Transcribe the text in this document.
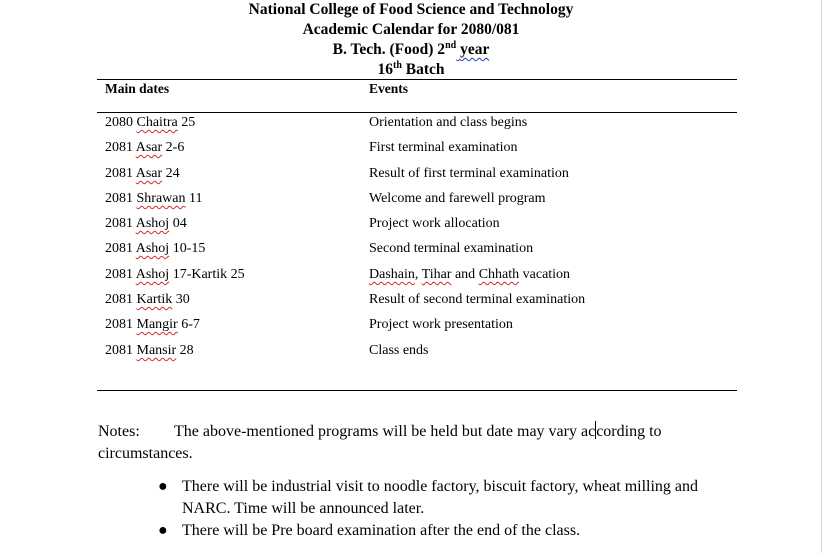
National College of Food Science and Technology
Academic Calendar for 2080/081
B. Tech. (Food) 2nd year
16th Batch
Main dates	Events
2080 Chaitra 25	Orientation and class begins
2081 Asar 2-6	First terminal examination
2081 Asar 24	Result of first terminal examination
2081 Shrawan 11	Welcome and farewell program
2081 Ashoj 04	Project work allocation
2081 Ashoj 10-15	Second terminal examination
2081 Ashoj 17-Kartik 25	Dashain, Tihar and Chhath vacation
2081 Kartik 30	Result of second terminal examination
2081 Mangir 6-7	Project work presentation
2081 Mansir 28	Class ends
Notes: The above-mentioned programs will be held but date may vary according to circumstances.
● There will be industrial visit to noodle factory, biscuit factory, wheat milling and NARC. Time will be announced later.
● There will be Pre board examination after the end of the class.
